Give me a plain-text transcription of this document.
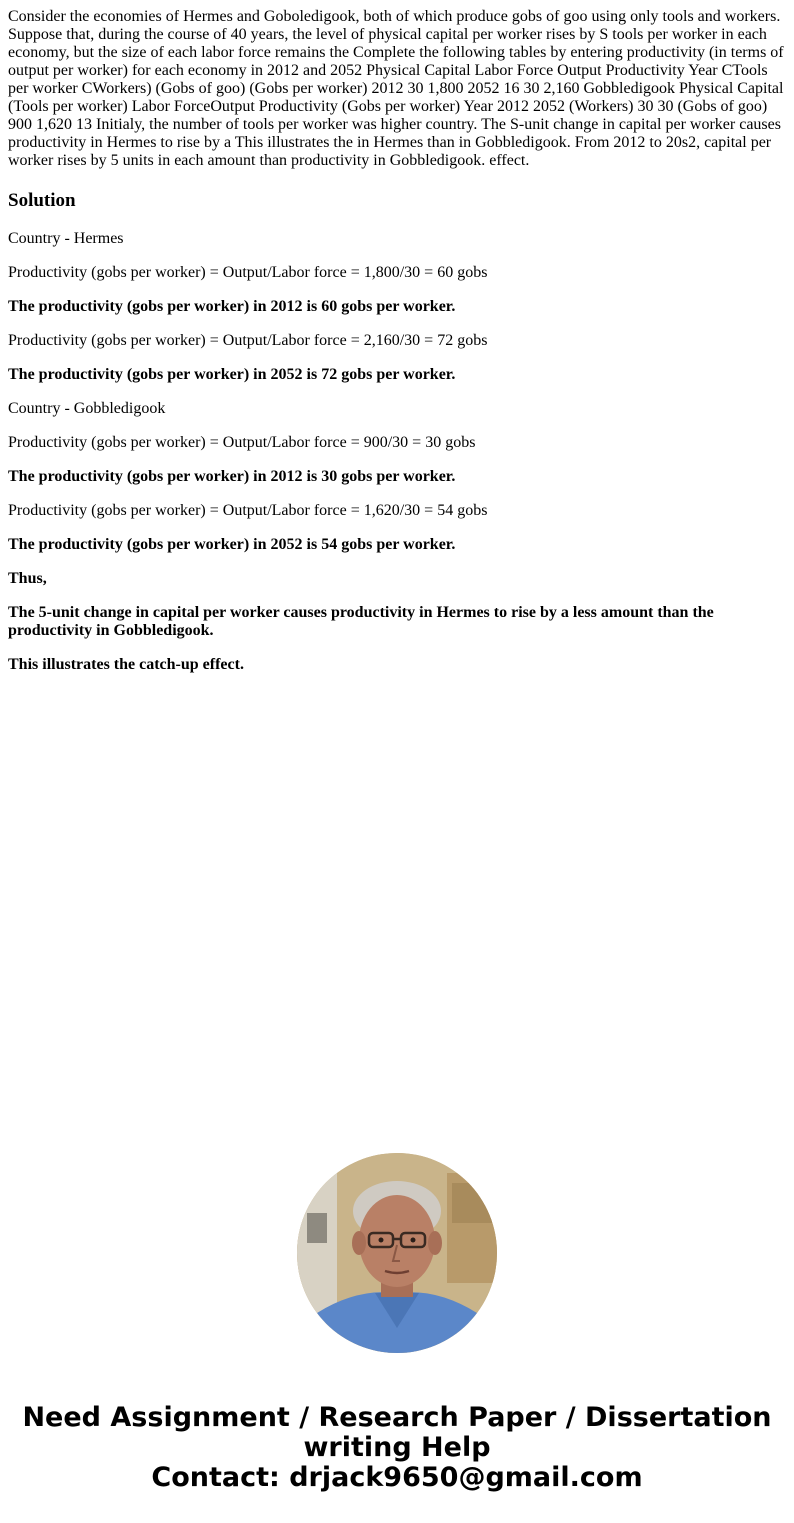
Consider the economies of Hermes and Goboledigook, both of which produce gobs of goo using only tools and workers. Suppose that, during the course of 40 years, the level of physical capital per worker rises by S tools per worker in each economy, but the size of each labor force remains the Complete the following tables by entering productivity (in terms of output per worker) for each economy in 2012 and 2052 Physical Capital Labor Force Output Productivity Year CTools per worker CWorkers) (Gobs of goo) (Gobs per worker) 2012 30 1,800 2052 16 30 2,160 Gobbledigook Physical Capital (Tools per worker) Labor ForceOutput Productivity (Gobs per worker) Year 2012 2052 (Workers) 30 30 (Gobs of goo) 900 1,620 13 Initialy, the number of tools per worker was higher country. The S-unit change in capital per worker causes productivity in Hermes to rise by a This illustrates the in Hermes than in Gobbledigook. From 2012 to 20s2, capital per worker rises by 5 units in each amount than productivity in Gobbledigook. effect.

Solution

Country - Hermes

Productivity (gobs per worker) = Output/Labor force = 1,800/30 = 60 gobs

The productivity (gobs per worker) in 2012 is 60 gobs per worker.

Productivity (gobs per worker) = Output/Labor force = 2,160/30 = 72 gobs

The productivity (gobs per worker) in 2052 is 72 gobs per worker.

Country - Gobbledigook

Productivity (gobs per worker) = Output/Labor force = 900/30 = 30 gobs

The productivity (gobs per worker) in 2012 is 30 gobs per worker.

Productivity (gobs per worker) = Output/Labor force = 1,620/30 = 54 gobs

The productivity (gobs per worker) in 2052 is 54 gobs per worker.

Thus,

The 5-unit change in capital per worker causes productivity in Hermes to rise by a less amount than the productivity in Gobbledigook.

This illustrates the catch-up effect.

Need Assignment / Research Paper / Dissertation
writing Help
Contact: drjack9650@gmail.com
